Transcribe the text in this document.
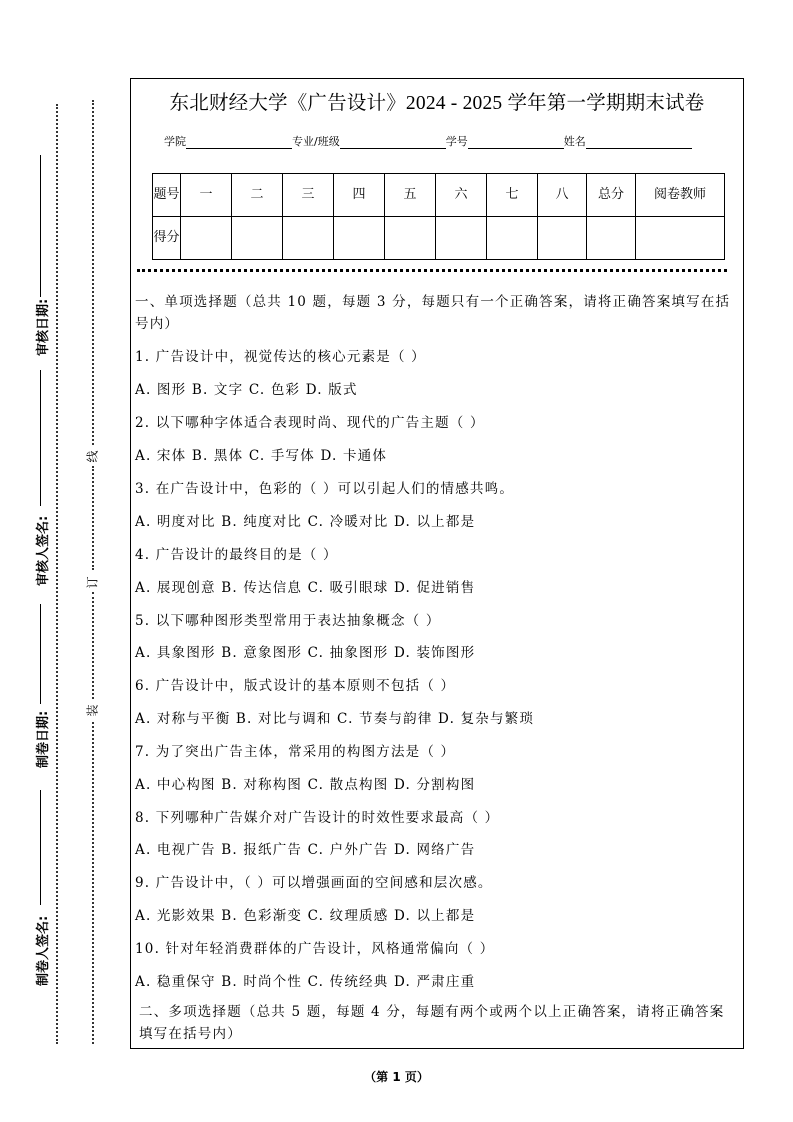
审核日期:
审核人签名:
制卷日期:
制卷人签名:
线
订
装
东北财经大学《广告设计》2024 - 2025 学年第一学期期末试卷
学院	专业/班级	学号	姓名
题号	一	二	三	四	五	六	七	八	总分	阅卷教师
得分										

一、单项选择题（总共 10 题，每题 3 分，每题只有一个正确答案，请将正确答案填写在括号内）

1. 广告设计中，视觉传达的核心元素是（ ）
A. 图形 B. 文字 C. 色彩 D. 版式
2. 以下哪种字体适合表现时尚、现代的广告主题（ ）
A. 宋体 B. 黑体 C. 手写体 D. 卡通体
3. 在广告设计中，色彩的（ ）可以引起人们的情感共鸣。
A. 明度对比 B. 纯度对比 C. 冷暖对比 D. 以上都是
4. 广告设计的最终目的是（ ）
A. 展现创意 B. 传达信息 C. 吸引眼球 D. 促进销售
5. 以下哪种图形类型常用于表达抽象概念（ ）
A. 具象图形 B. 意象图形 C. 抽象图形 D. 装饰图形
6. 广告设计中，版式设计的基本原则不包括（ ）
A. 对称与平衡 B. 对比与调和 C. 节奏与韵律 D. 复杂与繁琐
7. 为了突出广告主体，常采用的构图方法是（ ）
A. 中心构图 B. 对称构图 C. 散点构图 D. 分割构图
8. 下列哪种广告媒介对广告设计的时效性要求最高（ ）
A. 电视广告 B. 报纸广告 C. 户外广告 D. 网络广告
9. 广告设计中，（ ）可以增强画面的空间感和层次感。
A. 光影效果 B. 色彩渐变 C. 纹理质感 D. 以上都是
10. 针对年轻消费群体的广告设计，风格通常偏向（ ）
A. 稳重保守 B. 时尚个性 C. 传统经典 D. 严肃庄重

二、多项选择题（总共 5 题，每题 4 分，每题有两个或两个以上正确答案，请将正确答案填写在括号内）

（第 1 页）
